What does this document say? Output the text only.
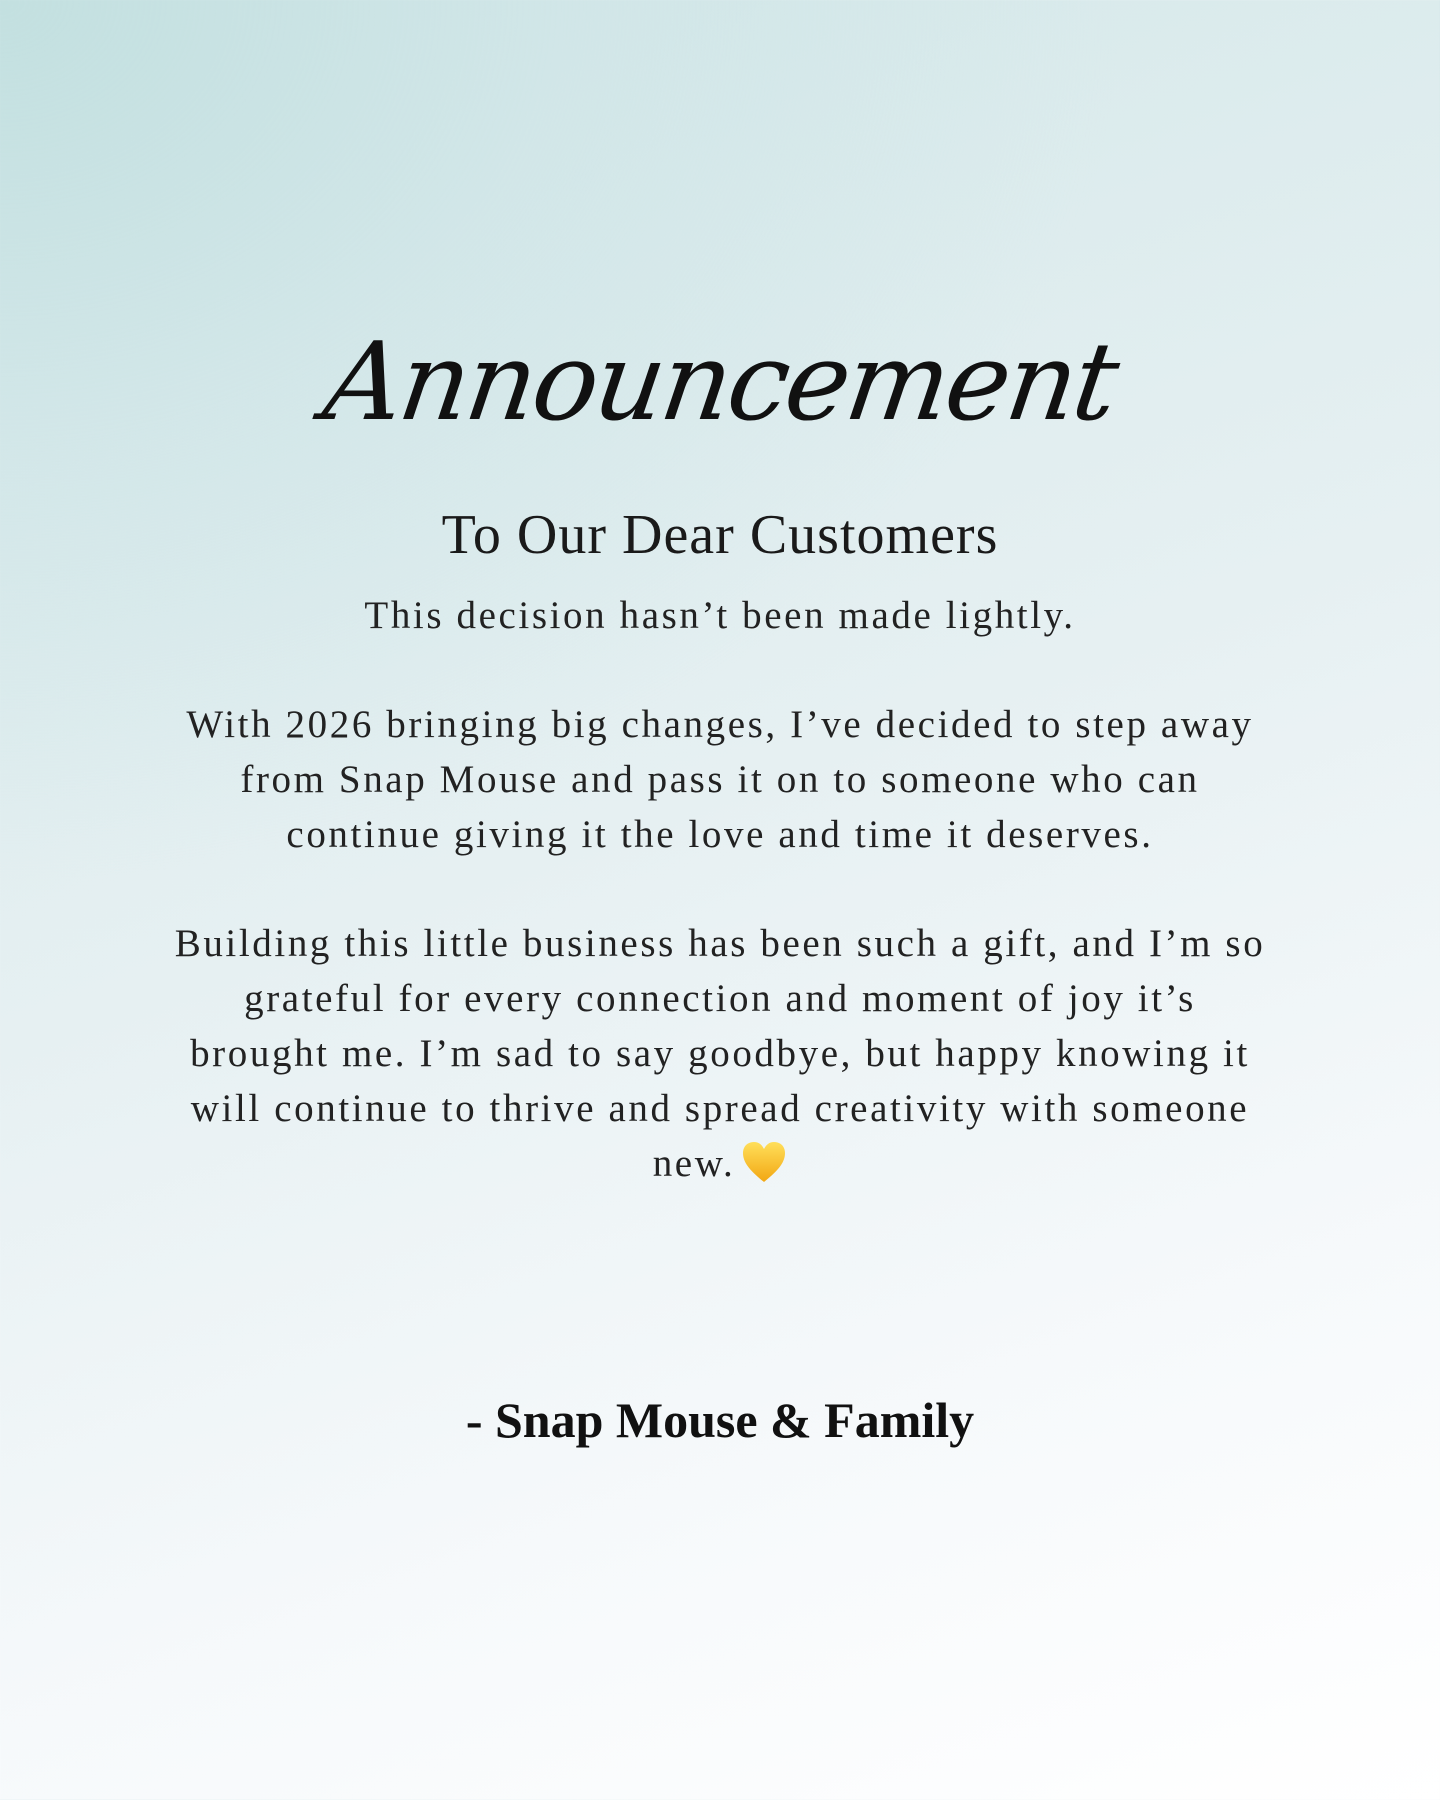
Announcement
To Our Dear Customers

This decision hasn’t been made lightly.

With 2026 bringing big changes, I’ve decided to step away from Snap Mouse and pass it on to someone who can continue giving it the love and time it deserves.

Building this little business has been such a gift, and I’m so grateful for every connection and moment of joy it’s brought me. I’m sad to say goodbye, but happy knowing it will continue to thrive and spread creativity with someone new.

- Snap Mouse & Family
